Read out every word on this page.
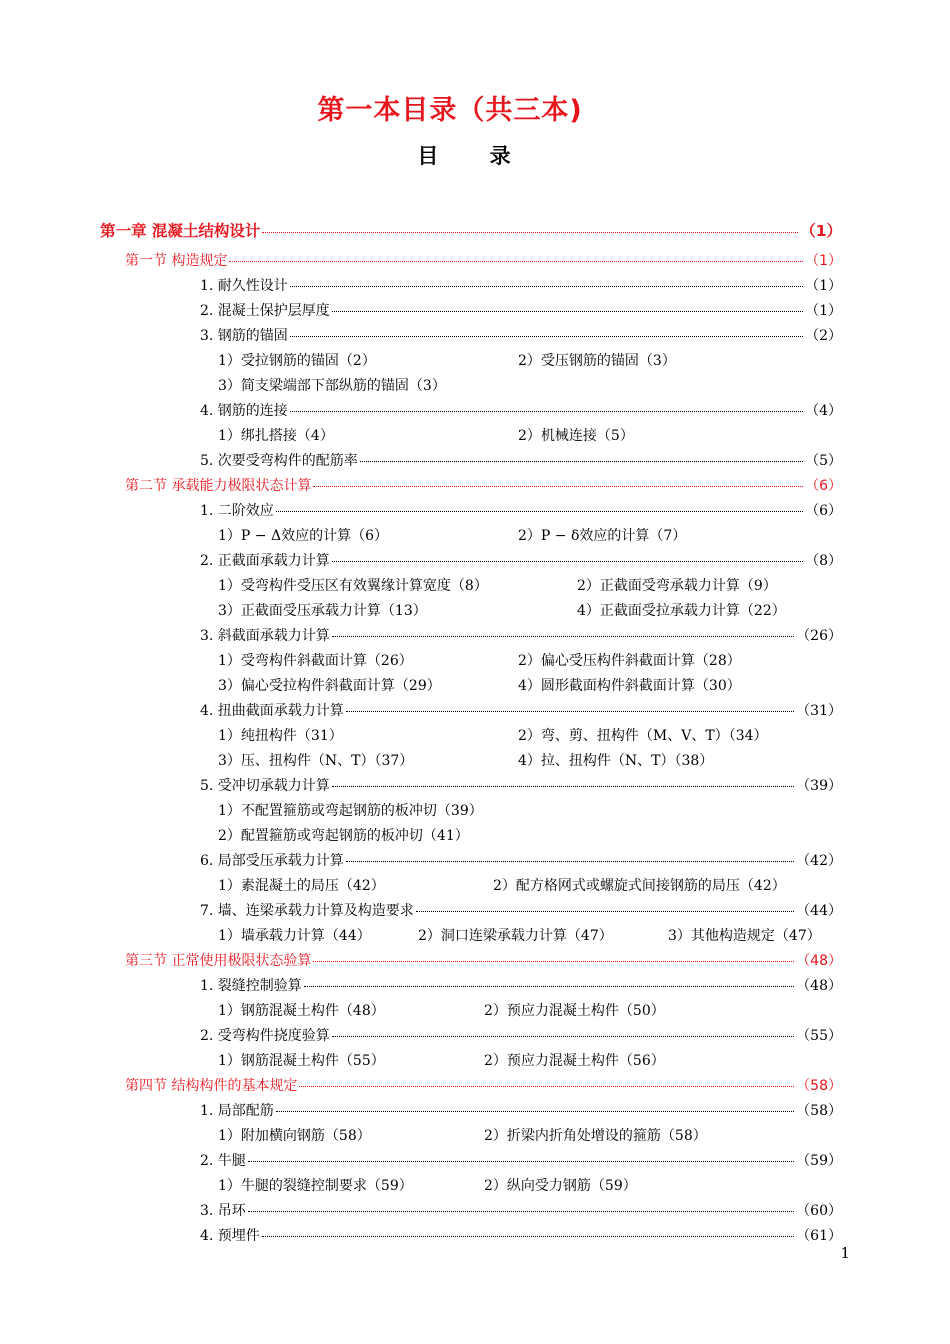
第一本目录（共三本)
目 录
第一章 混凝土结构设计	（1）
第一节 构造规定	（1）
1. 耐久性设计	（1）
2. 混凝土保护层厚度	（1）
3. 钢筋的锚固	（2）
1）受拉钢筋的锚固（2）	2）受压钢筋的锚固（3）
3）简支梁端部下部纵筋的锚固（3）
4. 钢筋的连接	（4）
1）绑扎搭接（4）	2）机械连接（5）
5. 次要受弯构件的配筋率	（5）
第二节 承载能力极限状态计算	（6）
1. 二阶效应	（6）
1）P − Δ效应的计算（6）	2）P − δ效应的计算（7）
2. 正截面承载力计算	（8）
1）受弯构件受压区有效翼缘计算宽度（8）	2）正截面受弯承载力计算（9）
3）正截面受压承载力计算（13）	4）正截面受拉承载力计算（22）
3. 斜截面承载力计算	（26）
1）受弯构件斜截面计算（26）	2）偏心受压构件斜截面计算（28）
3）偏心受拉构件斜截面计算（29）	4）圆形截面构件斜截面计算（30）
4. 扭曲截面承载力计算	（31）
1）纯扭构件（31）	2）弯、剪、扭构件（M、V、T）（34）
3）压、扭构件（N、T）（37）	4）拉、扭构件（N、T）（38）
5. 受冲切承载力计算	（39）
1）不配置箍筋或弯起钢筋的板冲切（39）
2）配置箍筋或弯起钢筋的板冲切（41）
6. 局部受压承载力计算	（42）
1）素混凝土的局压（42）	2）配方格网式或螺旋式间接钢筋的局压（42）
7. 墙、连梁承载力计算及构造要求	（44）
1）墙承载力计算（44）	2）洞口连梁承载力计算（47）	3）其他构造规定（47）
第三节 正常使用极限状态验算	（48）
1. 裂缝控制验算	（48）
1）钢筋混凝土构件（48）	2）预应力混凝土构件（50）
2. 受弯构件挠度验算	（55）
1）钢筋混凝土构件（55）	2）预应力混凝土构件（56）
第四节 结构构件的基本规定	（58）
1. 局部配筋	（58）
1）附加横向钢筋（58）	2）折梁内折角处增设的箍筋（58）
2. 牛腿	（59）
1）牛腿的裂缝控制要求（59）	2）纵向受力钢筋（59）
3. 吊环	（60）
4. 预埋件	（61）
1
